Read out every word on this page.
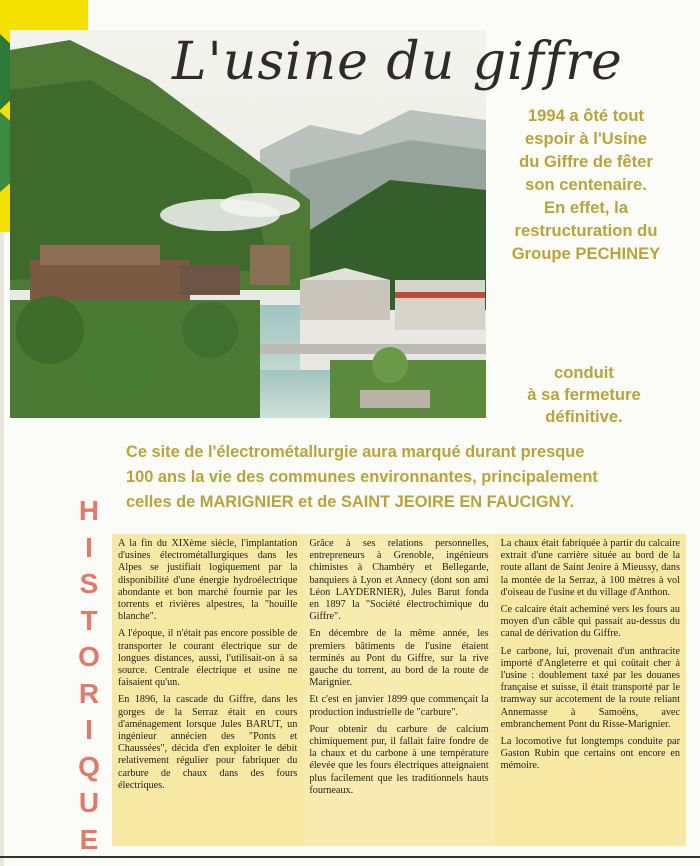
L'usine du giffre
1994 a ôté tout
espoir à l'Usine
du Giffre de fêter
son centenaire.
En effet, la
restructuration du
Groupe PECHINEY
conduit
à sa fermeture
définitive.
Ce site de l'électrométallurgie aura marqué durant presque
100 ans la vie des communes environnantes, principalement
celles de MARIGNIER et de SAINT JEOIRE EN FAUCIGNY.
H
I
S
T
O
R
I
Q
U
E

A la fin du XIXème siècle, l'implantation d'usines électrométallurgiques dans les Alpes se justifiait logiquement par la disponibilité d'une énergie hydroélectrique abondante et bon marché fournie par les torrents et rivières alpestres, la "houille blanche".

A l'époque, il n'était pas encore possible de transporter le courant électrique sur de longues distances, aussi, l'utilisait-on à sa source. Centrale électrique et usine ne faisaient qu'un.

En 1896, la cascade du Giffre, dans les gorges de la Serraz était en cours d'aménagement lorsque Jules BARUT, un ingénieur annécien des "Ponts et Chaussées", décida d'en exploiter le débit relativement régulier pour fabriquer du carbure de chaux dans des fours électriques.

Grâce à ses relations personnelles, entrepreneurs à Grenoble, ingénieurs chimistes à Chambéry et Bellegarde, banquiers à Lyon et Annecy (dont son ami Léon LAYDERNIER), Jules Barut fonda en 1897 la "Société électrochimique du Giffre".

En décembre de la même année, les premiers bâtiments de l'usine étaient terminés au Pont du Giffre, sur la rive gauche du torrent, au bord de la route de Marignier.

Et c'est en janvier 1899 que commençait la production industrielle de "carbure".

Pour obtenir du carbure de calcium chimiquement pur, il fallait faire fondre de la chaux et du carbone à une température élevée que les fours électriques atteignaient plus facilement que les traditionnels hauts fourneaux.

La chaux était fabriquée à partir du calcaire extrait d'une carrière située au bord de la route allant de Saint Jeoire à Mieussy, dans la montée de la Serraz, à 100 mètres à vol d'oiseau de l'usine et du village d'Anthon.

Ce calcaire était acheminé vers les fours au moyen d'un câble qui passait au-dessus du canal de dérivation du Giffre.

Le carbone, lui, provenait d'un anthracite importé d'Angleterre et qui coûtait cher à l'usine : doublement taxé par les douanes française et suisse, il était transporté par le tramway sur accotement de la route reliant Annemasse à Samoëns, avec embranchement Pont du Risse-Marignier.

La locomotive fut longtemps conduite par Gaston Rubin que certains ont encore en mémoire.
